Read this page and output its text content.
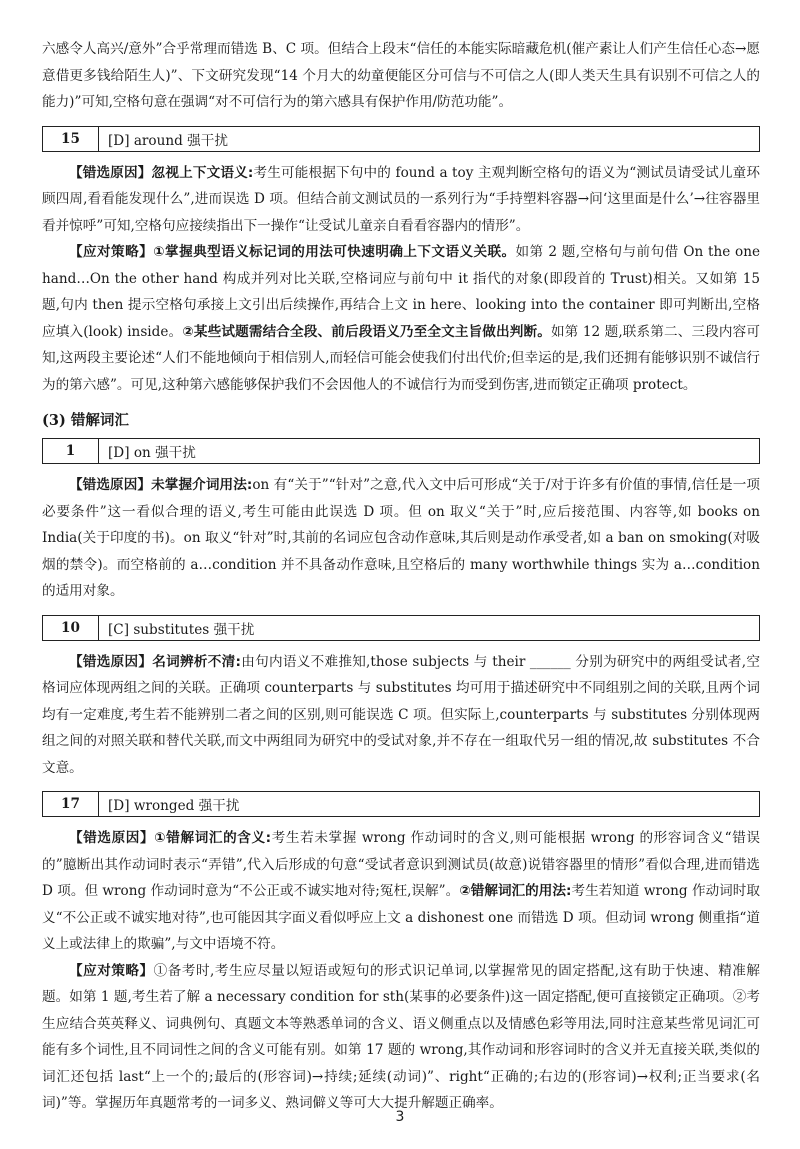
六感令人高兴/意外”合乎常理而错选 B、C 项。但结合上段末“信任的本能实际暗藏危机(催产素让人们产生信任心态→愿意借更多钱给陌生人)”、下文研究发现“14 个月大的幼童便能区分可信与不可信之人(即人类天生具有识别不可信之人的能力)”可知,空格句意在强调“对不可信行为的第六感具有保护作用/防范功能”。

15	[D] around 强干扰

【错选原因】忽视上下文语义:考生可能根据下句中的 found a toy 主观判断空格句的语义为“测试员请受试儿童环顾四周,看看能发现什么”,进而误选 D 项。但结合前文测试员的一系列行为“手持塑料容器→问‘这里面是什么’→往容器里看并惊呼”可知,空格句应接续指出下一操作“让受试儿童亲自看看容器内的情形”。

【应对策略】①掌握典型语义标记词的用法可快速明确上下文语义关联。如第 2 题,空格句与前句借 On the one hand…On the other hand 构成并列对比关联,空格词应与前句中 it 指代的对象(即段首的 Trust)相关。又如第 15 题,句内 then 提示空格句承接上文引出后续操作,再结合上文 in here、looking into the container 即可判断出,空格应填入(look) inside。②某些试题需结合全段、前后段语义乃至全文主旨做出判断。如第 12 题,联系第二、三段内容可知,这两段主要论述“人们不能地倾向于相信别人,而轻信可能会使我们付出代价;但幸运的是,我们还拥有能够识别不诚信行为的第六感”。可见,这种第六感能够保护我们不会因他人的不诚信行为而受到伤害,进而锁定正确项 protect。

(3) 错解词汇
1	[D] on 强干扰

【错选原因】未掌握介词用法:on 有“关于”“针对”之意,代入文中后可形成“关于/对于许多有价值的事情,信任是一项必要条件”这一看似合理的语义,考生可能由此误选 D 项。但 on 取义“关于”时,应后接范围、内容等,如 books on India(关于印度的书)。on 取义“针对”时,其前的名词应包含动作意味,其后则是动作承受者,如 a ban on smoking(对吸烟的禁令)。而空格前的 a…condition 并不具备动作意味,且空格后的 many worthwhile things 实为 a…condition 的适用对象。

10	[C] substitutes 强干扰

【错选原因】名词辨析不清:由句内语义不难推知,those subjects 与 their ______ 分别为研究中的两组受试者,空格词应体现两组之间的关联。正确项 counterparts 与 substitutes 均可用于描述研究中不同组别之间的关联,且两个词均有一定难度,考生若不能辨别二者之间的区别,则可能误选 C 项。但实际上,counterparts 与 substitutes 分别体现两组之间的对照关联和替代关联,而文中两组同为研究中的受试对象,并不存在一组取代另一组的情况,故 substitutes 不合文意。

17	[D] wronged 强干扰

【错选原因】①错解词汇的含义:考生若未掌握 wrong 作动词时的含义,则可能根据 wrong 的形容词含义“错误的”臆断出其作动词时表示“弄错”,代入后形成的句意“受试者意识到测试员(故意)说错容器里的情形”看似合理,进而错选 D 项。但 wrong 作动词时意为“不公正或不诚实地对待;冤枉,误解”。②错解词汇的用法:考生若知道 wrong 作动词时取义“不公正或不诚实地对待”,也可能因其字面义看似呼应上文 a dishonest one 而错选 D 项。但动词 wrong 侧重指“道义上或法律上的欺骗”,与文中语境不符。

【应对策略】①备考时,考生应尽量以短语或短句的形式识记单词,以掌握常见的固定搭配,这有助于快速、精准解题。如第 1 题,考生若了解 a necessary condition for sth(某事的必要条件)这一固定搭配,便可直接锁定正确项。②考生应结合英英释义、词典例句、真题文本等熟悉单词的含义、语义侧重点以及情感色彩等用法,同时注意某些常见词汇可能有多个词性,且不同词性之间的含义可能有别。如第 17 题的 wrong,其作动词和形容词时的含义并无直接关联,类似的词汇还包括 last“上一个的;最后的(形容词)→持续;延续(动词)”、right“正确的;右边的(形容词)→权利;正当要求(名词)”等。掌握历年真题常考的一词多义、熟词僻义等可大大提升解题正确率。

3
